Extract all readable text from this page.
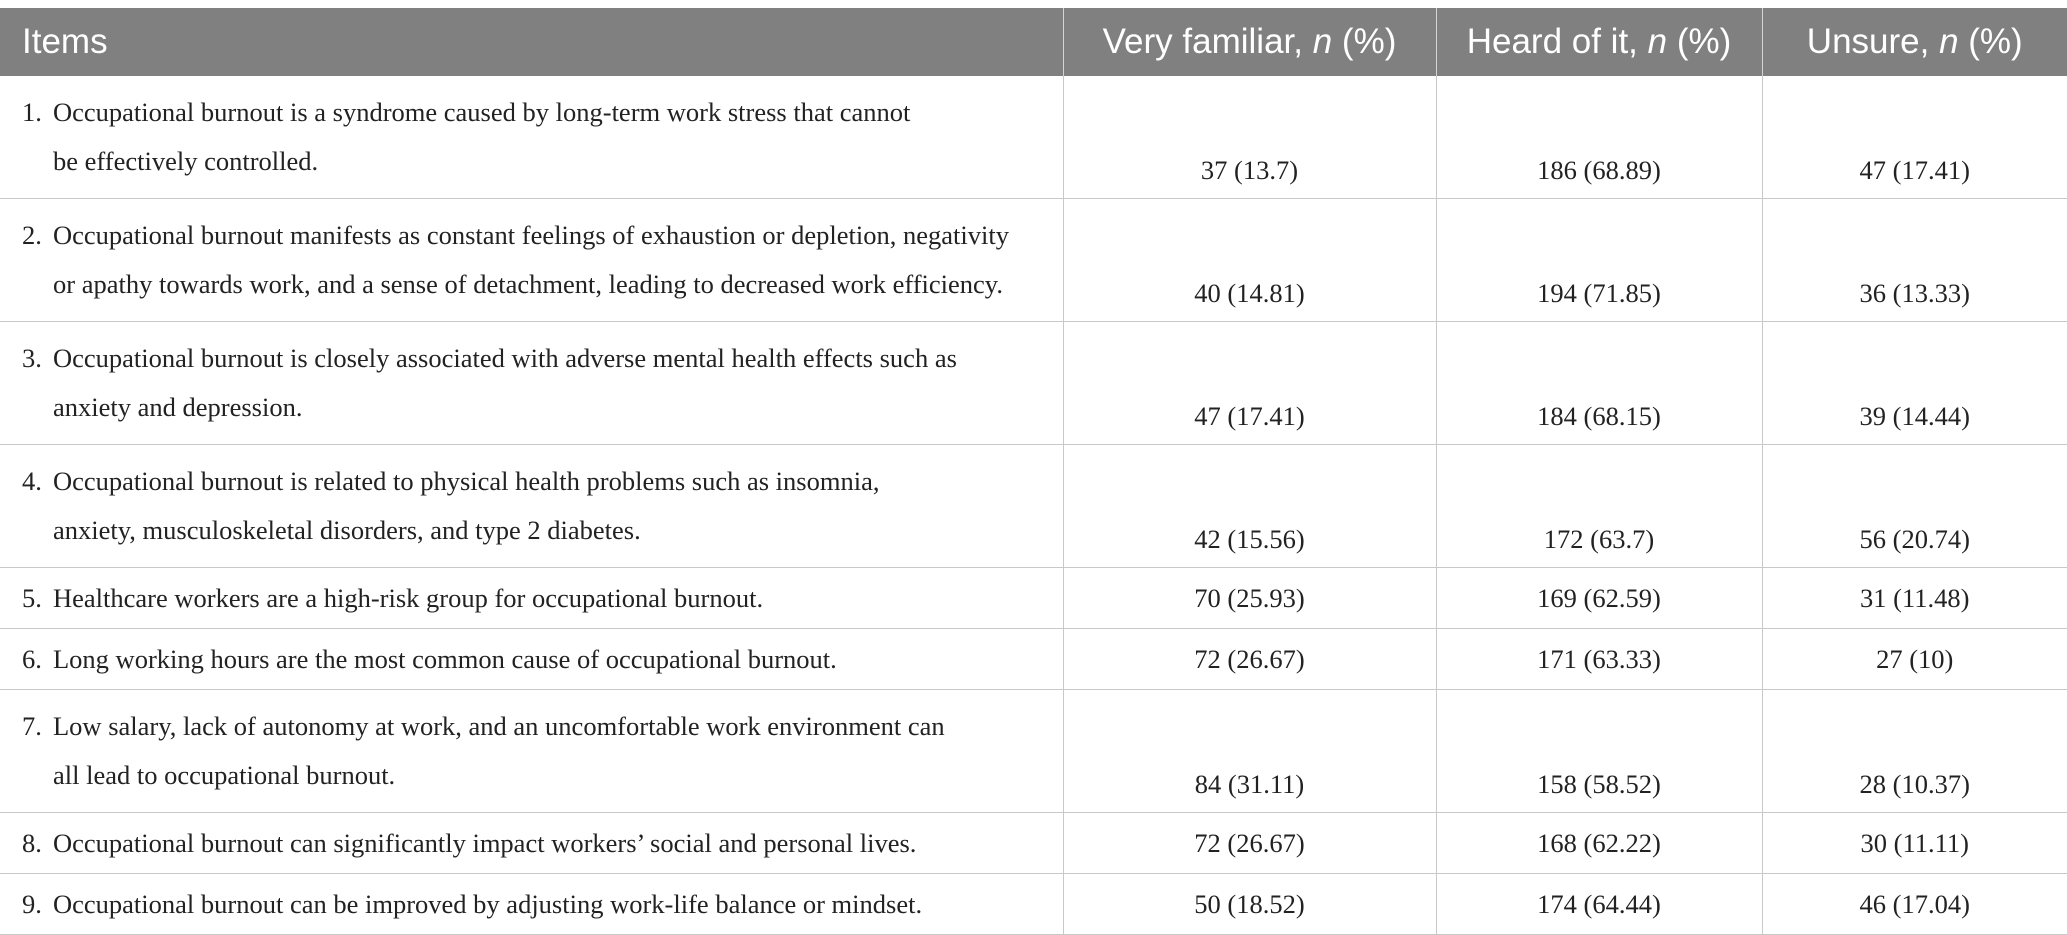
Items	Very familiar, n (%)	Heard of it, n (%)	Unsure, n (%)

1. Occupational burnout is a syndrome caused by long-term work stress that cannot
be effectively controlled.	37 (13.7)	186 (68.89)	47 (17.41)

2. Occupational burnout manifests as constant feelings of exhaustion or depletion, negativity
or apathy towards work, and a sense of detachment, leading to decreased work efficiency.	40 (14.81)	194 (71.85)	36 (13.33)

3. Occupational burnout is closely associated with adverse mental health effects such as
anxiety and depression.	47 (17.41)	184 (68.15)	39 (14.44)

4. Occupational burnout is related to physical health problems such as insomnia,
anxiety, musculoskeletal disorders, and type 2 diabetes.	42 (15.56)	172 (63.7)	56 (20.74)

5. Healthcare workers are a high-risk group for occupational burnout.	70 (25.93)	169 (62.59)	31 (11.48)

6. Long working hours are the most common cause of occupational burnout.	72 (26.67)	171 (63.33)	27 (10)

7. Low salary, lack of autonomy at work, and an uncomfortable work environment can
all lead to occupational burnout.	84 (31.11)	158 (58.52)	28 (10.37)

8. Occupational burnout can significantly impact workers’ social and personal lives.	72 (26.67)	168 (62.22)	30 (11.11)

9. Occupational burnout can be improved by adjusting work-life balance or mindset.	50 (18.52)	174 (64.44)	46 (17.04)
